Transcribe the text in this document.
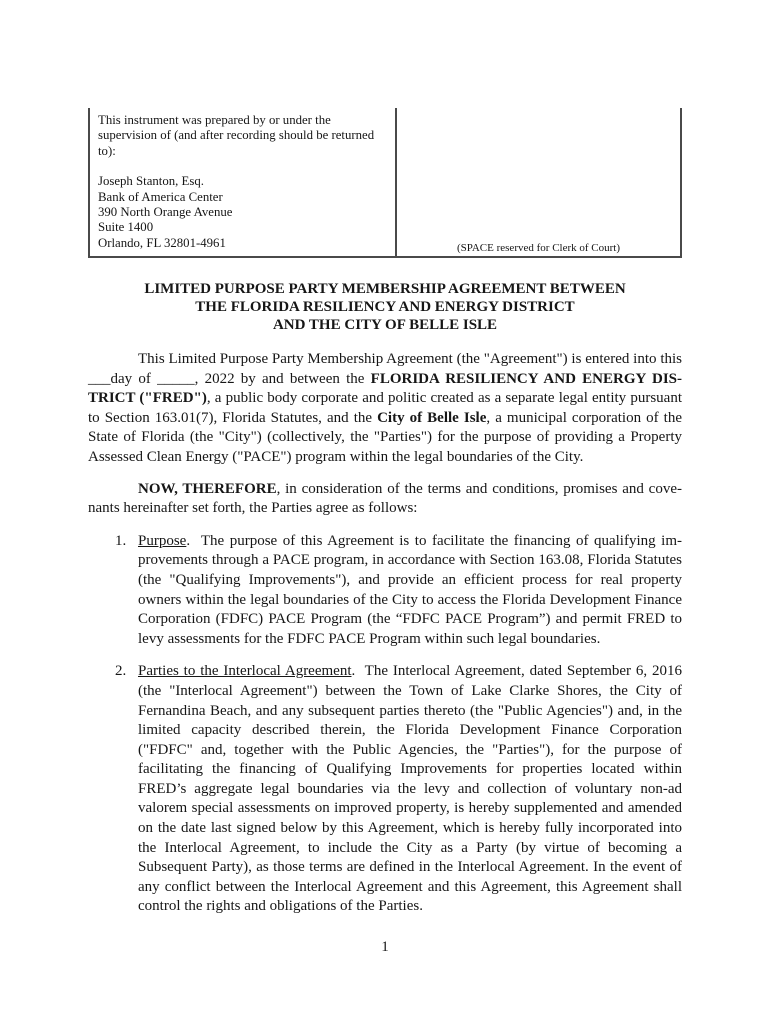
This instrument was prepared by or under the supervision of (and after recording should be returned to):
Joseph Stanton, Esq.
Bank of America Center
390 North Orange Avenue
Suite 1400
Orlando, FL 32801-4961	(SPACE reserved for Clerk of Court)
LIMITED PURPOSE PARTY MEMBERSHIP AGREEMENT BETWEEN
THE FLORIDA RESILIENCY AND ENERGY DISTRICT
AND THE CITY OF BELLE ISLE

This Limited Purpose Party Membership Agreement (the "Agreement") is entered into this ___day of _____, 2022 by and between the FLORIDA RESILIENCY AND ENERGY DISTRICT ("FRED"), a public body corporate and politic created as a separate legal entity pursuant to Section 163.01(7), Florida Statutes, and the City of Belle Isle, a municipal corporation of the State of Florida (the "City") (collectively, the "Parties") for the purpose of providing a Property Assessed Clean Energy ("PACE") program within the legal boundaries of the City.

NOW, THEREFORE, in consideration of the terms and conditions, promises and covenants hereinafter set forth, the Parties agree as follows:

1. Purpose.  The purpose of this Agreement is to facilitate the financing of qualifying improvements through a PACE program, in accordance with Section 163.08, Florida Statutes (the "Qualifying Improvements"), and provide an efficient process for real property owners within the legal boundaries of the City to access the Florida Development Finance Corporation (FDFC) PACE Program (the “FDFC PACE Program”) and permit FRED to levy assessments for the FDFC PACE Program within such legal boundaries.
2. Parties to the Interlocal Agreement.  The Interlocal Agreement, dated September 6, 2016 (the "Interlocal Agreement") between the Town of Lake Clarke Shores, the City of Fernandina Beach, and any subsequent parties thereto (the "Public Agencies") and, in the limited capacity described therein, the Florida Development Finance Corporation ("FDFC" and, together with the Public Agencies, the "Parties"), for the purpose of facilitating the financing of Qualifying Improvements for properties located within FRED’s aggregate legal boundaries via the levy and collection of voluntary non-ad valorem special assessments on improved property, is hereby supplemented and amended on the date last signed below by this Agreement, which is hereby fully incorporated into the Interlocal Agreement, to include the City as a Party (by virtue of becoming a Subsequent Party), as those terms are defined in the Interlocal Agreement. In the event of any conflict between the Interlocal Agreement and this Agreement, this Agreement shall control the rights and obligations of the Parties.
1
